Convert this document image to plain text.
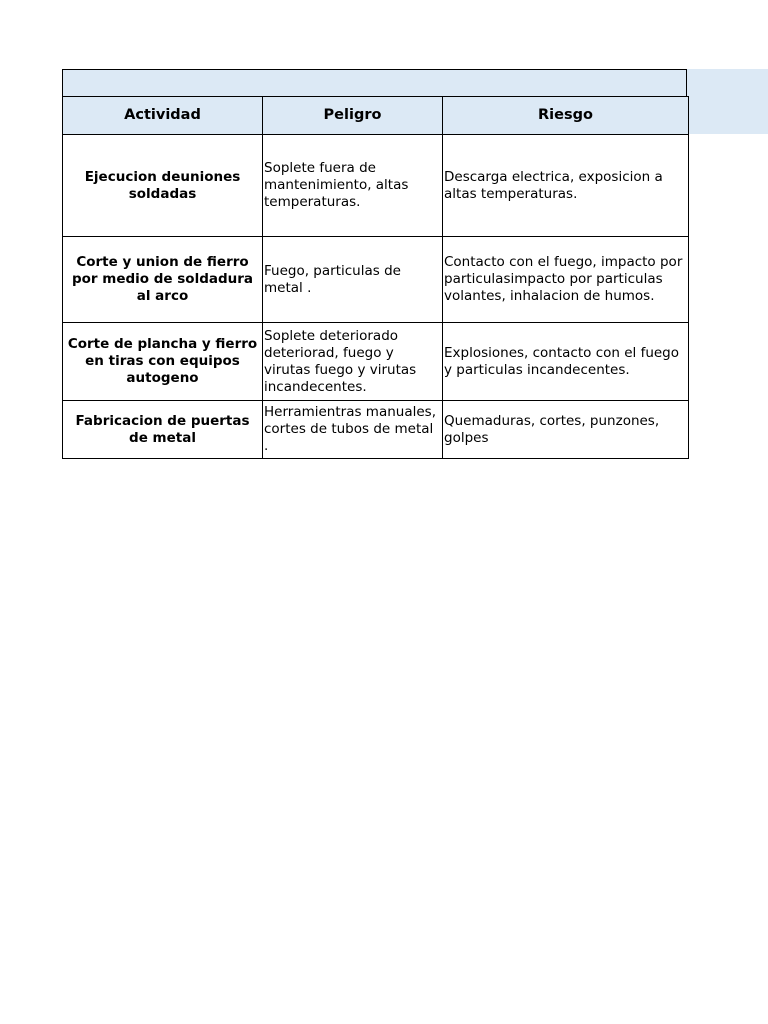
Actividad	Peligro	Riesgo
Ejecucion deuniones soldadas	Soplete fuera de mantenimiento, altas temperaturas.	Descarga electrica, exposicion a altas temperaturas.
Corte y union de fierro por medio de soldadura al arco	Fuego, particulas de metal .	Contacto con el fuego, impacto por particulasimpacto por particulas volantes, inhalacion de humos.
Corte de plancha y fierro en tiras con equipos autogeno	Soplete deteriorado deteriorad, fuego y virutas fuego y virutas incandecentes.	Explosiones, contacto con el fuego y particulas incandecentes.
Fabricacion de puertas de metal	Herramientras manuales, cortes de tubos de metal .	Quemaduras, cortes, punzones, golpes
